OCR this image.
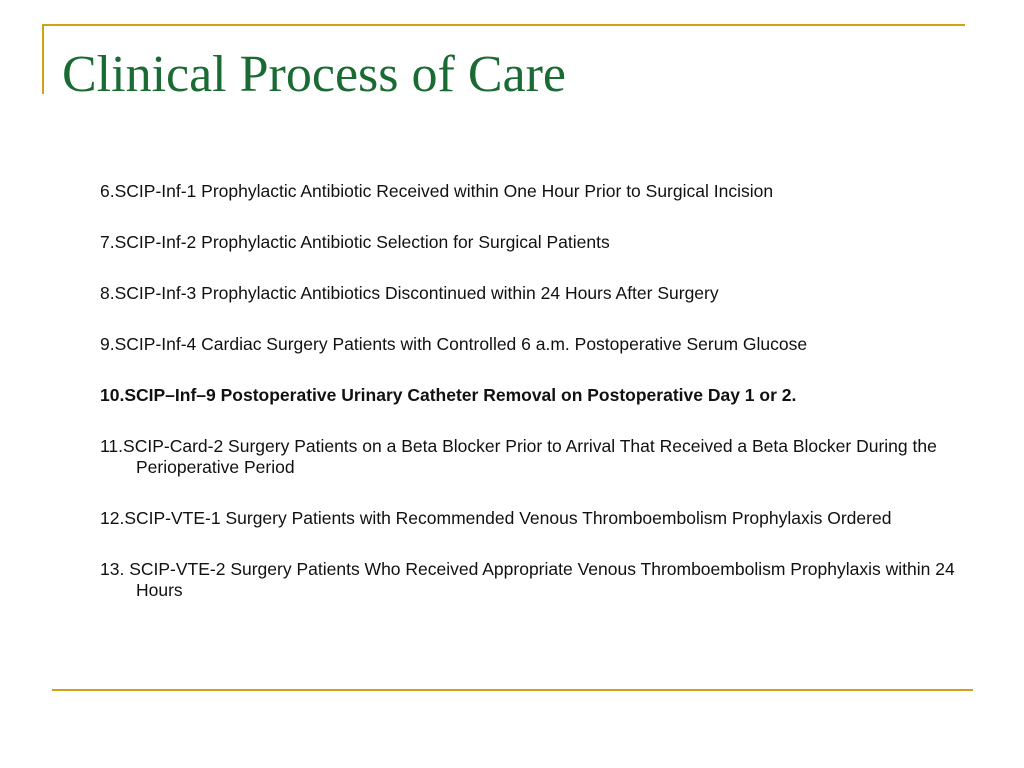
Clinical Process of Care
6.SCIP-Inf-1 Prophylactic Antibiotic Received within One Hour Prior to Surgical Incision
7.SCIP-Inf-2 Prophylactic Antibiotic Selection for Surgical Patients
8.SCIP-Inf-3 Prophylactic Antibiotics Discontinued within 24 Hours After Surgery
9.SCIP-Inf-4 Cardiac Surgery Patients with Controlled 6 a.m. Postoperative Serum Glucose
10.SCIP–Inf–9 Postoperative Urinary Catheter Removal on Postoperative Day 1 or 2.
11.SCIP-Card-2 Surgery Patients on a Beta Blocker Prior to Arrival That Received a Beta Blocker During the Perioperative Period
12.SCIP-VTE-1 Surgery Patients with Recommended Venous Thromboembolism Prophylaxis Ordered
13. SCIP-VTE-2 Surgery Patients Who Received Appropriate Venous Thromboembolism Prophylaxis within 24 Hours
